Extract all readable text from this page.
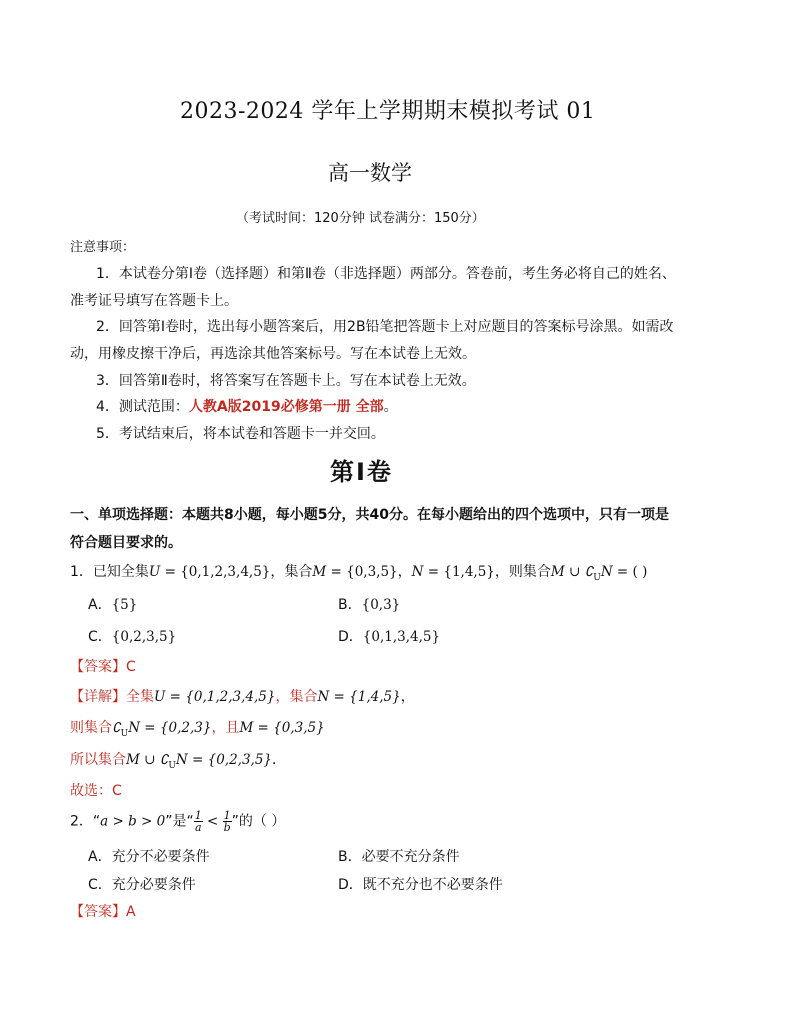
2023-2024 学年上学期期末模拟考试 01
高一数学
（考试时间：120分钟 试卷满分：150分）
注意事项：
1．本试卷分第Ⅰ卷（选择题）和第Ⅱ卷（非选择题）两部分。答卷前，考生务必将自己的姓名、
准考证号填写在答题卡上。
2．回答第Ⅰ卷时，选出每小题答案后，用2B铅笔把答题卡上对应题目的答案标号涂黑。如需改
动，用橡皮擦干净后，再选涂其他答案标号。写在本试卷上无效。
3．回答第Ⅱ卷时，将答案写在答题卡上。写在本试卷上无效。
4．测试范围：人教A版2019必修第一册 全部。
5．考试结束后，将本试卷和答题卡一并交回。
第Ⅰ卷
一、单项选择题：本题共8小题，每小题5分，共40分。在每小题给出的四个选项中，只有一项是
符合题目要求的。
1．已知全集U = {0,1,2,3,4,5}，集合M = {0,3,5}，N = {1,4,5}，则集合M ∪ $∁_UN$ = ( )
A．{5}	B．{0,3}
C．{0,2,3,5}	D．{0,1,3,4,5}
【答案】C
【详解】全集U = {0,1,2,3,4,5}，集合N = {1,4,5}，
则集合$∁_UN = \{0,2,3\}$，且M = {0,3,5}
所以集合M ∪ $∁_UN = \{0,2,3,5\}$．
故选：C
2．“a > b > 0”是“ $\frac{1}{a} < \frac{1}{b}$ ”的（ ）
A．充分不必要条件	B．必要不充分条件
C．充分必要条件	D．既不充分也不必要条件
【答案】A
